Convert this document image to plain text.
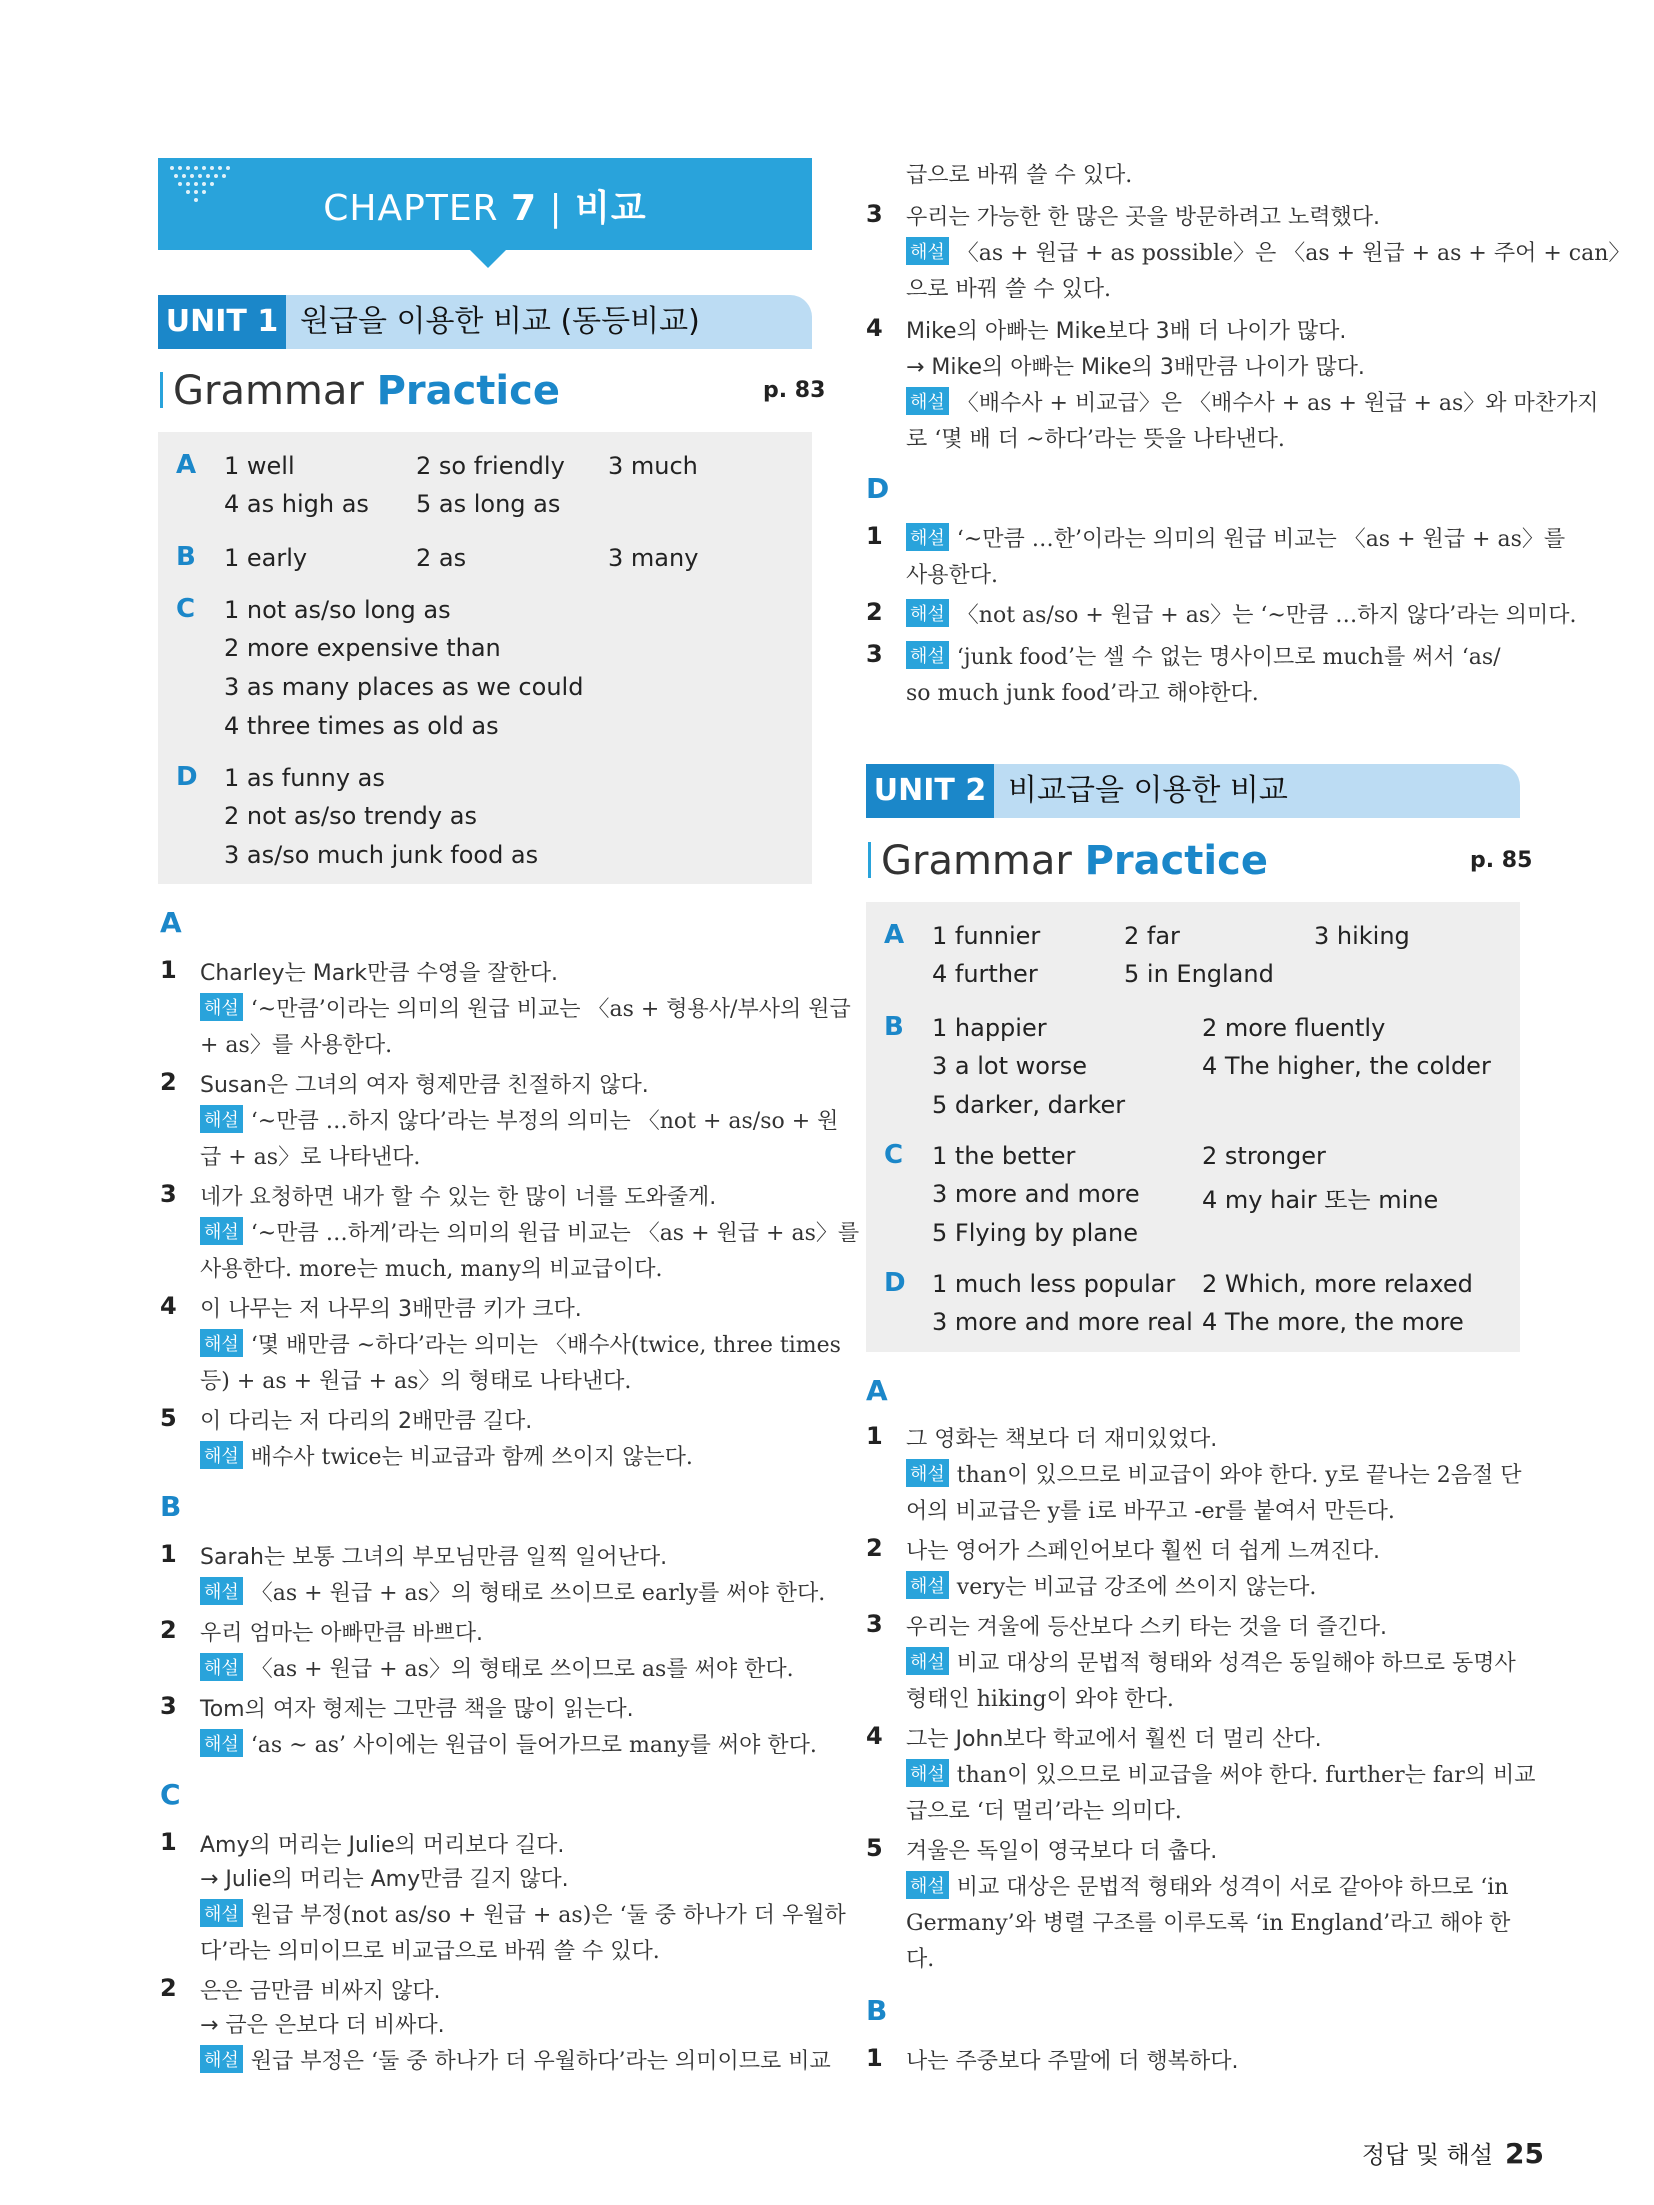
CHAPTER 7 | 비교
UNIT 1 원급을 이용한 비교 (동등비교)
Grammar Practice	p. 83
A 1 well	2 so friendly 3 much
4 as high as 5 as long as
B 1 early	2 as	3 many
C 1 not as/so long as
2 more expensive than
3 as many places as we could
4 three times as old as
D 1 as funny as
2 not as/so trendy as
3 as/so much junk food as
A
1 Charley는 Mark만큼 수영을 잘한다.
해설 ‘~만큼’이라는 의미의 원급 비교는 〈as + 형용사/부사의 원급
+ as〉를 사용한다.
2 Susan은 그녀의 여자 형제만큼 친절하지 않다.
해설 ‘~만큼 …하지 않다’라는 부정의 의미는 〈not + as/so + 원
급 + as〉로 나타낸다.
3 네가 요청하면 내가 할 수 있는 한 많이 너를 도와줄게.
해설 ‘~만큼 …하게’라는 의미의 원급 비교는 〈as + 원급 + as〉를
사용한다. more는 much, many의 비교급이다.
4 이 나무는 저 나무의 3배만큼 키가 크다.
해설 ‘몇 배만큼 ~하다’라는 의미는 〈배수사(twice, three times
등) + as + 원급 + as〉의 형태로 나타낸다.
5 이 다리는 저 다리의 2배만큼 길다.
해설 배수사 twice는 비교급과 함께 쓰이지 않는다.
B
1 Sarah는 보통 그녀의 부모님만큼 일찍 일어난다.
해설 〈as + 원급 + as〉의 형태로 쓰이므로 early를 써야 한다.
2 우리 엄마는 아빠만큼 바쁘다.
해설 〈as + 원급 + as〉의 형태로 쓰이므로 as를 써야 한다.
3 Tom의 여자 형제는 그만큼 책을 많이 읽는다.
해설 ‘as ~ as’ 사이에는 원급이 들어가므로 many를 써야 한다.
C
1 Amy의 머리는 Julie의 머리보다 길다.
→ Julie의 머리는 Amy만큼 길지 않다.
해설 원급 부정(not as/so + 원급 + as)은 ‘둘 중 하나가 더 우월하
다’라는 의미이므로 비교급으로 바꿔 쓸 수 있다.
2 은은 금만큼 비싸지 않다.
→ 금은 은보다 더 비싸다.
해설 원급 부정은 ‘둘 중 하나가 더 우월하다’라는 의미이므로 비교
급으로 바꿔 쓸 수 있다.
3 우리는 가능한 한 많은 곳을 방문하려고 노력했다.
해설 〈as + 원급 + as possible〉은 〈as + 원급 + as + 주어 + can〉
으로 바꿔 쓸 수 있다.
4 Mike의 아빠는 Mike보다 3배 더 나이가 많다.
→ Mike의 아빠는 Mike의 3배만큼 나이가 많다.
해설 〈배수사 + 비교급〉은 〈배수사 + as + 원급 + as〉와 마찬가지
로 ‘몇 배 더 ~하다’라는 뜻을 나타낸다.
D
1 해설 ‘~만큼 …한’이라는 의미의 원급 비교는 〈as + 원급 + as〉를
사용한다.
2 해설 〈not as/so + 원급 + as〉는 ‘~만큼 …하지 않다’라는 의미다.
3 해설 ‘junk food’는 셀 수 없는 명사이므로 much를 써서 ‘as/
so much junk food’라고 해야한다.
UNIT 2 비교급을 이용한 비교
Grammar Practice	p. 85
A 1 funnier	2 far	3 hiking
4 further	5 in England
B 1 happier	2 more fluently
3 a lot worse	4 The higher, the colder
5 darker, darker
C 1 the better	2 stronger
3 more and more	4 my hair 또는 mine
5 Flying by plane
D 1 much less popular 2 Which, more relaxed
3 more and more real 4 The more, the more
A
1 그 영화는 책보다 더 재미있었다.
해설 than이 있으므로 비교급이 와야 한다. y로 끝나는 2음절 단
어의 비교급은 y를 i로 바꾸고 -er를 붙여서 만든다.
2 나는 영어가 스페인어보다 훨씬 더 쉽게 느껴진다.
해설 very는 비교급 강조에 쓰이지 않는다.
3 우리는 겨울에 등산보다 스키 타는 것을 더 즐긴다.
해설 비교 대상의 문법적 형태와 성격은 동일해야 하므로 동명사
형태인 hiking이 와야 한다.
4 그는 John보다 학교에서 훨씬 더 멀리 산다.
해설 than이 있으므로 비교급을 써야 한다. further는 far의 비교
급으로 ‘더 멀리’라는 의미다.
5 겨울은 독일이 영국보다 더 춥다.
해설 비교 대상은 문법적 형태와 성격이 서로 같아야 하므로 ‘in
Germany’와 병렬 구조를 이루도록 ‘in England’라고 해야 한
다.
B
1 나는 주중보다 주말에 더 행복하다.
정답 및 해설 25
